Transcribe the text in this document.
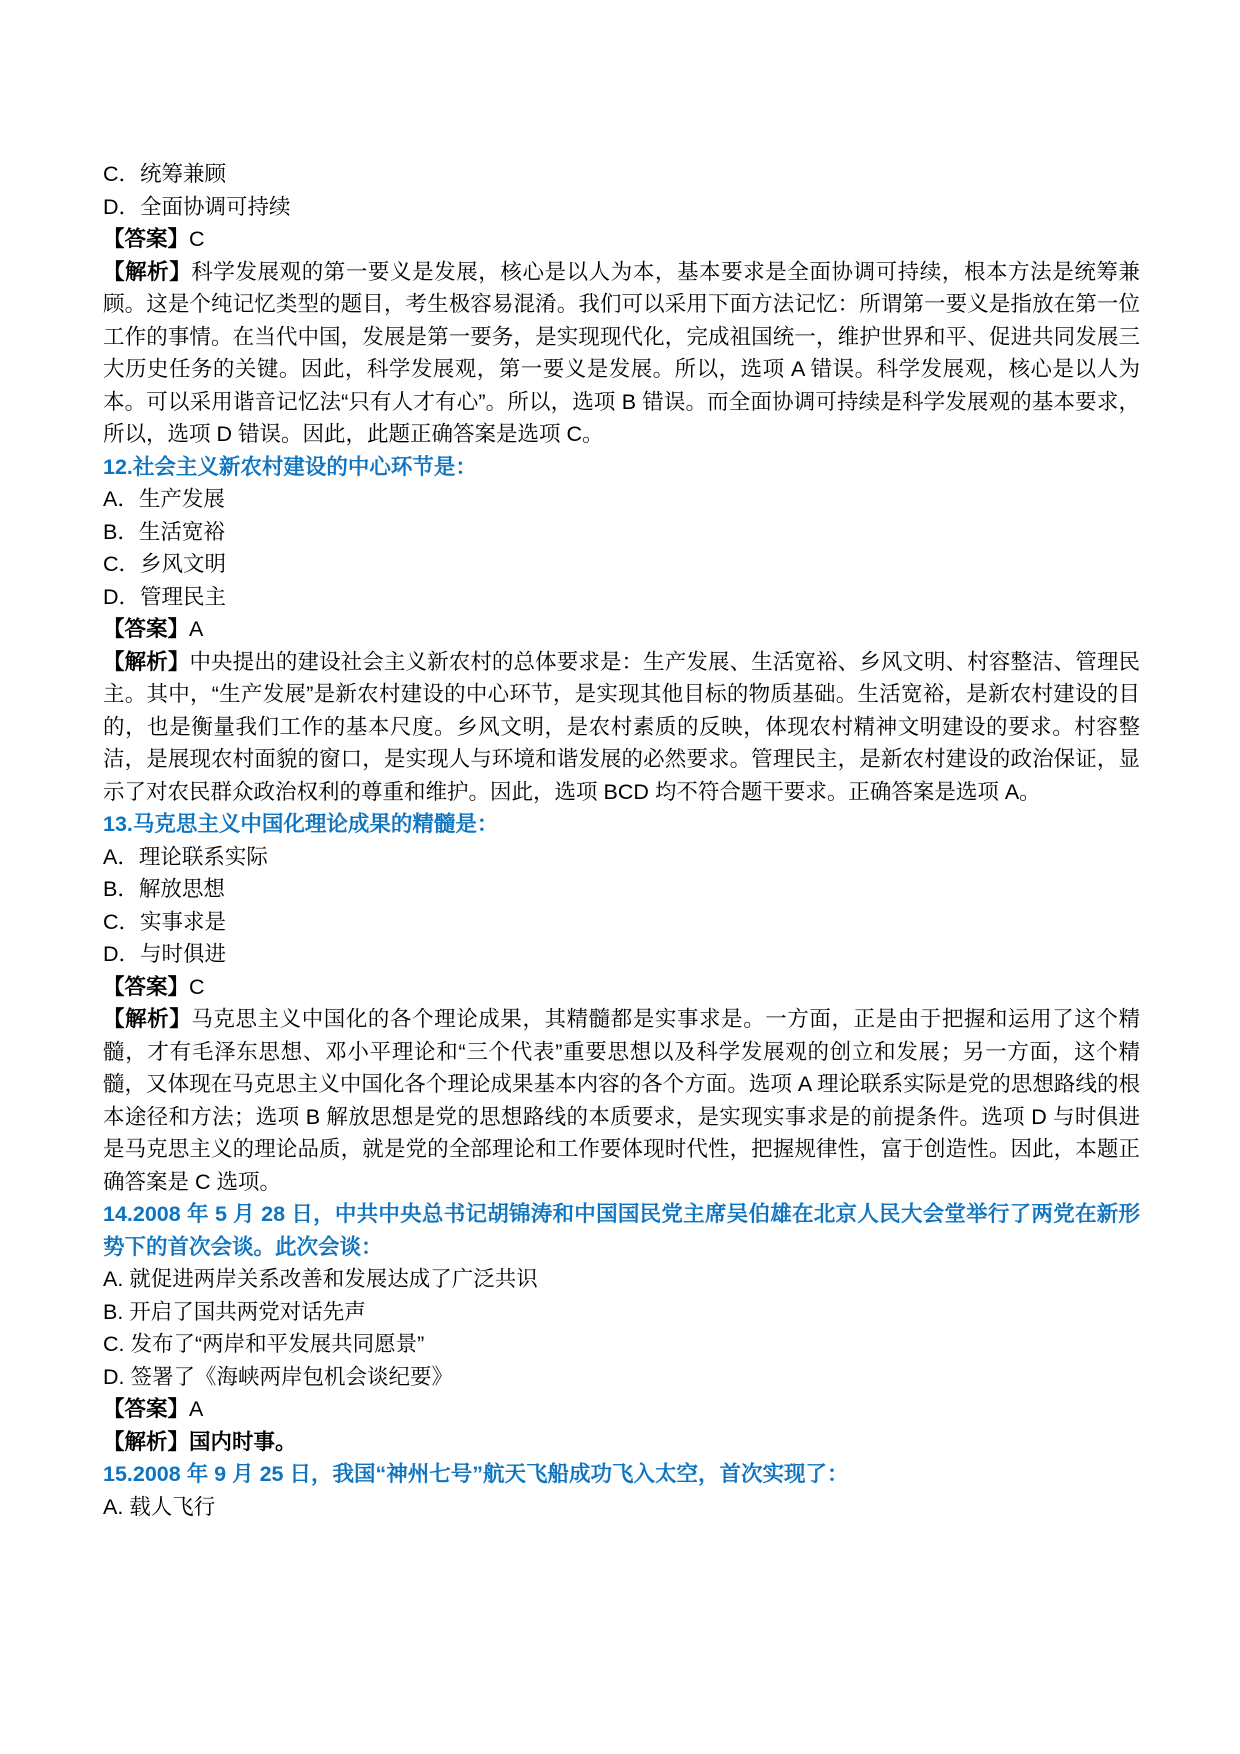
C．统筹兼顾

D．全面协调可持续

【答案】C

【解析】科学发展观的第一要义是发展，核心是以人为本，基本要求是全面协调可持续，根本方法是统筹兼顾。这是个纯记忆类型的题目，考生极容易混淆。我们可以采用下面方法记忆：所谓第一要义是指放在第一位工作的事情。在当代中国，发展是第一要务，是实现现代化，完成祖国统一，维护世界和平、促进共同发展三大历史任务的关键。因此，科学发展观，第一要义是发展。所以，选项 A 错误。科学发展观，核心是以人为本。可以采用谐音记忆法“只有人才有心”。所以，选项 B 错误。而全面协调可持续是科学发展观的基本要求，所以，选项 D 错误。因此，此题正确答案是选项 C。

12.社会主义新农村建设的中心环节是：

A．生产发展

B．生活宽裕

C．乡风文明

D．管理民主

【答案】A

【解析】中央提出的建设社会主义新农村的总体要求是：生产发展、生活宽裕、乡风文明、村容整洁、管理民主。其中，“生产发展”是新农村建设的中心环节，是实现其他目标的物质基础。生活宽裕，是新农村建设的目的，也是衡量我们工作的基本尺度。乡风文明，是农村素质的反映，体现农村精神文明建设的要求。村容整洁，是展现农村面貌的窗口，是实现人与环境和谐发展的必然要求。管理民主，是新农村建设的政治保证，显示了对农民群众政治权利的尊重和维护。因此，选项 BCD 均不符合题干要求。正确答案是选项 A。

13.马克思主义中国化理论成果的精髓是：

A．理论联系实际

B．解放思想

C．实事求是

D．与时俱进

【答案】C

【解析】马克思主义中国化的各个理论成果，其精髓都是实事求是。一方面，正是由于把握和运用了这个精髓，才有毛泽东思想、邓小平理论和“三个代表”重要思想以及科学发展观的创立和发展；另一方面，这个精髓，又体现在马克思主义中国化各个理论成果基本内容的各个方面。选项 A 理论联系实际是党的思想路线的根本途径和方法；选项 B 解放思想是党的思想路线的本质要求，是实现实事求是的前提条件。选项 D 与时俱进是马克思主义的理论品质，就是党的全部理论和工作要体现时代性，把握规律性，富于创造性。因此，本题正确答案是 C 选项。

14.2008 年 5 月 28 日，中共中央总书记胡锦涛和中国国民党主席吴伯雄在北京人民大会堂举行了两党在新形势下的首次会谈。此次会谈：

A. 就促进两岸关系改善和发展达成了广泛共识

B. 开启了国共两党对话先声

C. 发布了“两岸和平发展共同愿景”

D. 签署了《海峡两岸包机会谈纪要》

【答案】A

【解析】国内时事。

15.2008 年 9 月 25 日，我国“神州七号”航天飞船成功飞入太空，首次实现了：

A. 载人飞行
